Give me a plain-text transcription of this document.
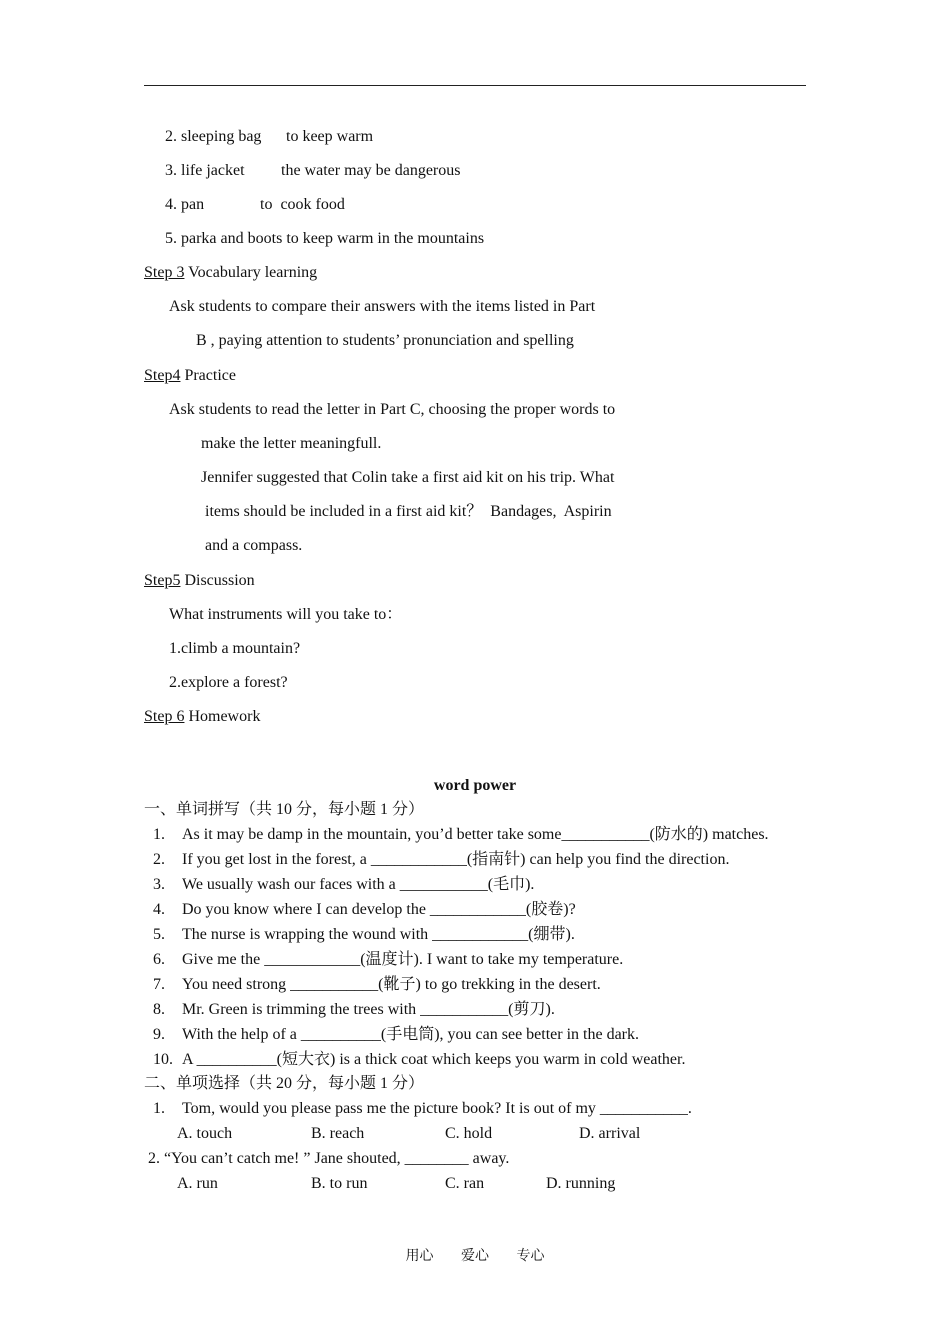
2. sleeping bag to keep warm
3. life jacket the water may be dangerous
4. pan	to  cook food
5. parka and boots to keep warm in the mountains
Step 3 Vocabulary learning
Ask students to compare their answers with the items listed in Part
B , paying attention to students’ pronunciation and spelling
Step4 Practice
Ask students to read the letter in Part C, choosing the proper words to
make the letter meaningfull.
Jennifer suggested that Colin take a first aid kit on his trip. What
items should be included in a first aid kit？  Bandages,  Aspirin
and a compass.
Step5 Discussion
What instruments will you take to：
1.climb a mountain?
2.explore a forest?
Step 6 Homework
word power
一、单词拼写（共 10 分，每小题 1 分）
1. As it may be damp in the mountain, you’d better take some___________(防水的) matches.
2. If you get lost in the forest, a ____________(指南针) can help you find the direction.
3. We usually wash our faces with a ___________(毛巾).
4. Do you know where I can develop the ____________(胶卷)?
5. The nurse is wrapping the wound with ____________(绷带).
6. Give me the ____________(温度计). I want to take my temperature.
7. You need strong ___________(靴子) to go trekking in the desert.
8. Mr. Green is trimming the trees with ___________(剪刀).
9. With the help of a __________(手电筒), you can see better in the dark.
10. A __________(短大衣) is a thick coat which keeps you warm in cold weather.
二、单项选择（共 20 分，每小题 1 分）
1. Tom, would you please pass me the picture book? It is out of my ___________.
A. touch	B. reach	C. hold	D. arrival
2. “You can’t catch me! ” Jane shouted, ________ away.
A. run	B. to run	C. ran	D. running
用心 爱心 专心
